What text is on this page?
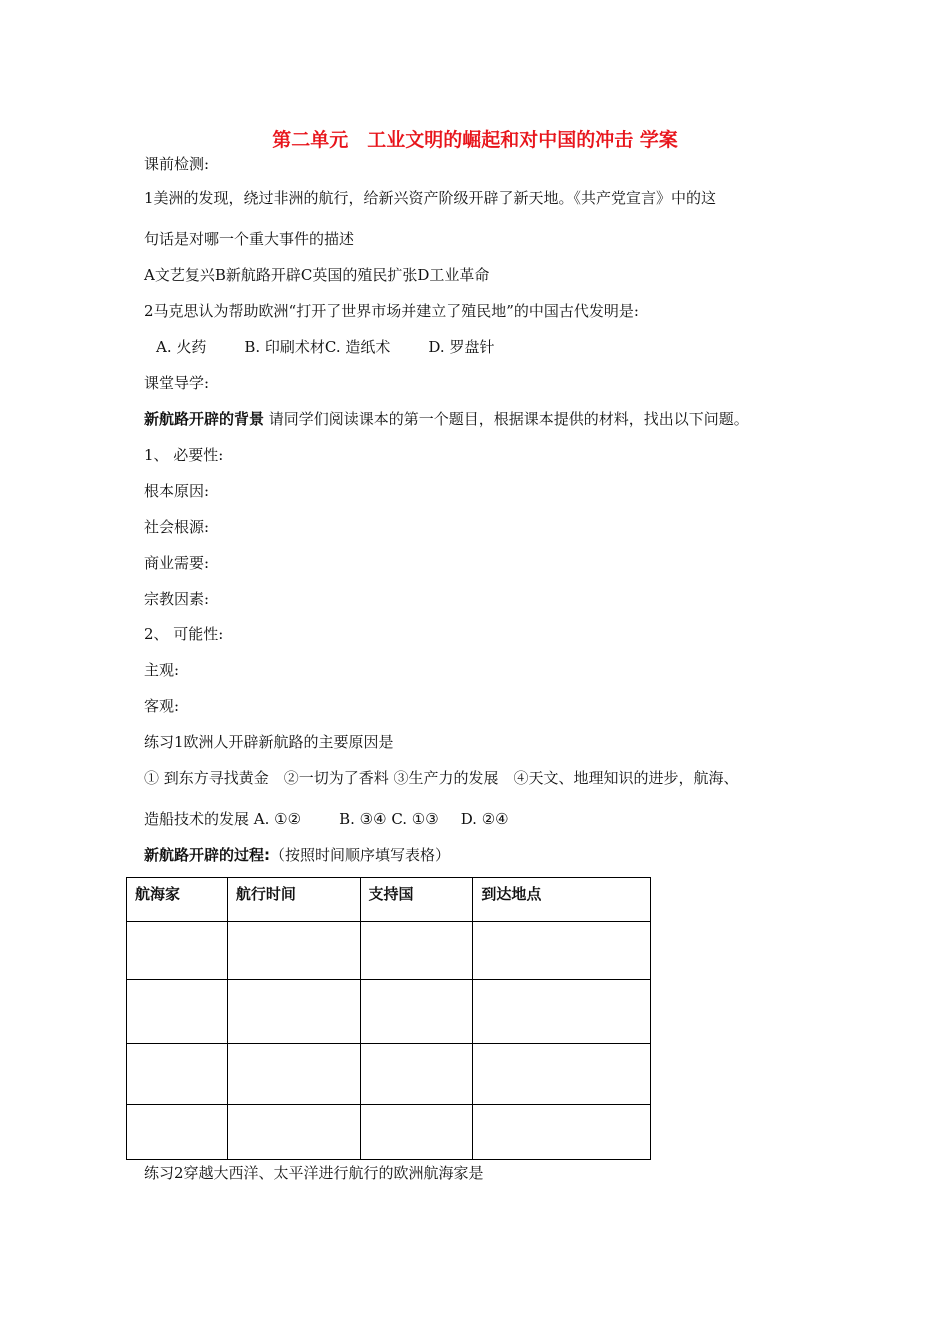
第二单元　工业文明的崛起和对中国的冲击 学案
课前检测:
1美洲的发现，绕过非洲的航行，给新兴资产阶级开辟了新天地。《共产党宣言》中的这
句话是对哪一个重大事件的描述
A文艺复兴B新航路开辟C英国的殖民扩张D工业革命
2马克思认为帮助欧洲“打开了世界市场并建立了殖民地”的中国古代发明是:
A. 火药	B. 印刷术材C. 造纸术	D. 罗盘针
课堂导学:
新航路开辟的背景 请同学们阅读课本的第一个题目，根据课本提供的材料，找出以下问题。
1、 必要性:
根本原因:
社会根源:
商业需要:
宗教因素:
2、 可能性:
主观:
客观:
练习1欧洲人开辟新航路的主要原因是
① 到东方寻找黄金　②一切为了香料 ③生产力的发展　④天文、地理知识的进步，航海、
造船技术的发展 A. ①②	B. ③④ C. ①③ D. ②④
新航路开辟的过程:（按照时间顺序填写表格）
航海家	航行时间	支持国	到达地点

练习2穿越大西洋、太平洋进行航行的欧洲航海家是
